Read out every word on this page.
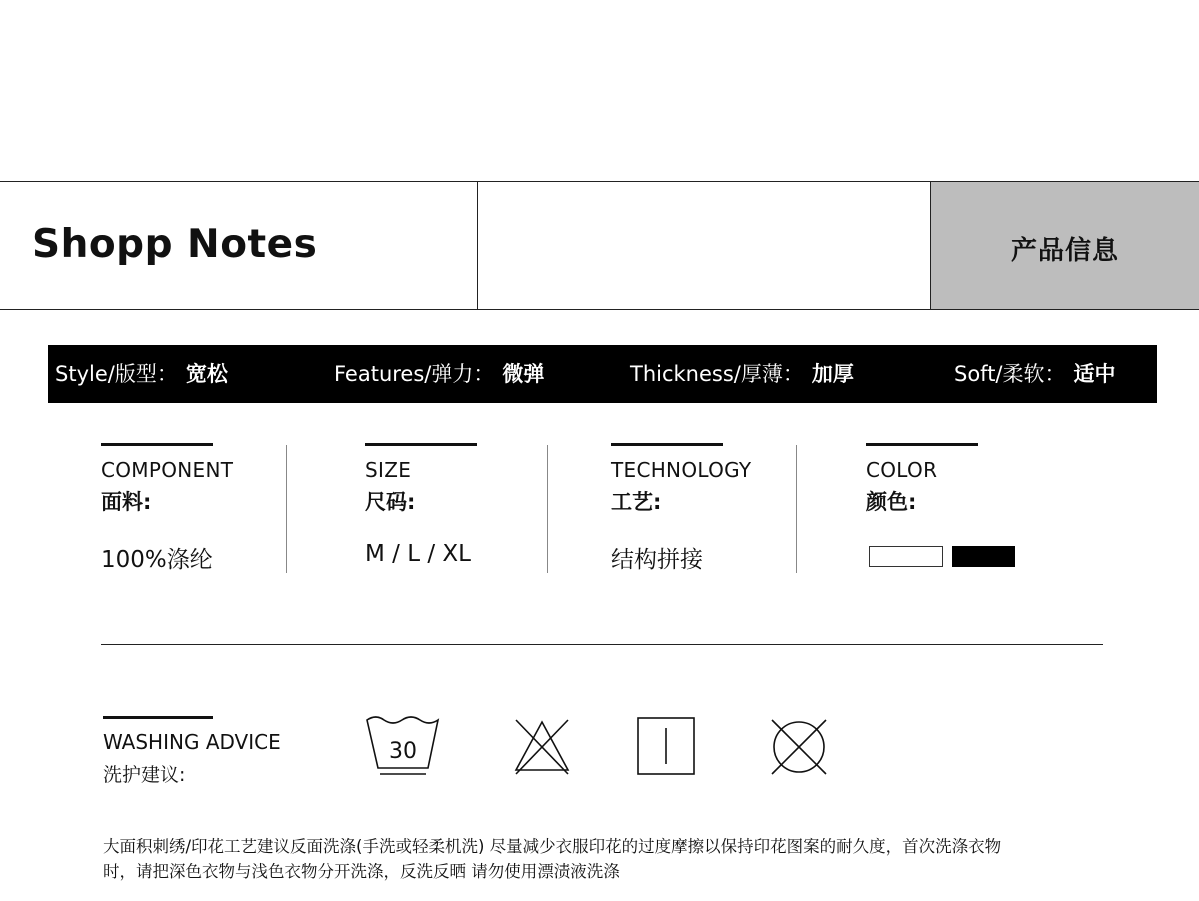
Shopp Notes	产品信息
Style/版型： 宽松	Features/弹力： 微弹	Thickness/厚薄： 加厚	Soft/柔软： 适中
COMPONENT
面料:
100%涤纶
SIZE
尺码:
M / L / XL
TECHNOLOGY
工艺:
结构拼接
COLOR
颜色:
WASHING ADVICE
洗护建议:
30
大面积刺绣/印花工艺建议反面洗涤(手洗或轻柔机洗) 尽量减少衣服印花的过度摩擦以保持印花图案的耐久度，首次洗涤衣物
时，请把深色衣物与浅色衣物分开洗涤，反洗反晒 请勿使用漂渍液洗涤
